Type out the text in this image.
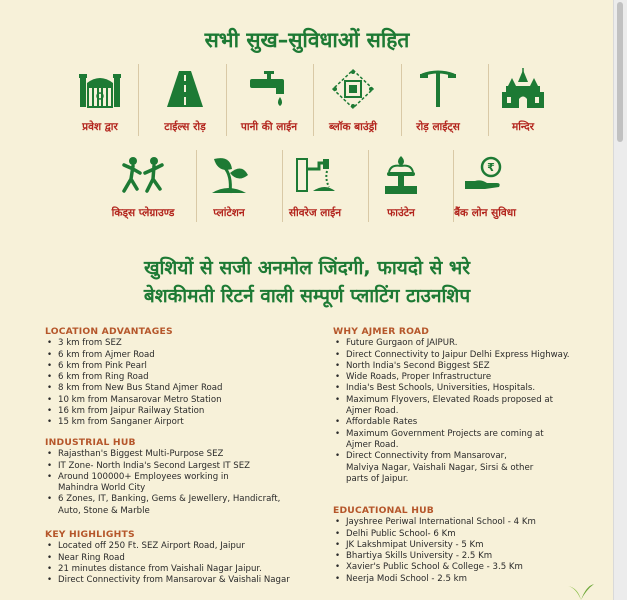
सभी सुख–सुविधाओं सहित
प्रवेश द्वार	टाईल्स रोड़	पानी की लाईन	ब्लॉक बाउंड्री	रोड़ लाईट्स	मन्दिर
किड्स प्लेग्राउण्ड	प्लांटेशन	सीवरेज लाईन	फाउंटेन
₹
बैंक लोन सुविधा
खुशियों से सजी अनमोल जिंदगी, फायदो से भरे
बेशकीमती रिटर्न वाली सम्पूर्ण प्लाटिंग टाउनशिप
LOCATION ADVANTAGES
• 3 km from SEZ
• 6 km from Ajmer Road
• 6 km from Pink Pearl
• 6 km from Ring Road
• 8 km from New Bus Stand Ajmer Road
• 10 km from Mansarovar Metro Station
• 16 km from Jaipur Railway Station
• 15 km from Sanganer Airport
INDUSTRIAL HUB
• Rajasthan's Biggest Multi-Purpose SEZ
• IT Zone- North India's Second Largest IT SEZ
• Around 100000+ Employees working in Mahindra World City
• 6 Zones, IT, Banking, Gems & Jewellery, Handicraft, Auto, Stone & Marble
KEY HIGHLIGHTS
• Located off 250 Ft. SEZ Airport Road, Jaipur
• Near Ring Road
• 21 minutes distance from Vaishali Nagar Jaipur.
• Direct Connectivity from Mansarovar & Vaishali Nagar
WHY AJMER ROAD
• Future Gurgaon of JAIPUR.
• Direct Connectivity to Jaipur Delhi Express Highway.
• North India's Second Biggest SEZ
• Wide Roads, Proper Infrastructure
• India's Best Schools, Universities, Hospitals.
• Maximum Flyovers, Elevated Roads proposed at Ajmer Road.
• Affordable Rates
• Maximum Government Projects are coming at Ajmer Road.
• Direct Connectivity from Mansarovar, Malviya Nagar, Vaishali Nagar, Sirsi & other parts of Jaipur.
EDUCATIONAL HUB
• Jayshree Periwal International School - 4 Km
• Delhi Public School- 6 Km
• JK Lakshmipat University - 5 Km
• Bhartiya Skills University - 2.5 Km
• Xavier's Public School & College - 3.5 Km
• Neerja Modi School - 2.5 km
